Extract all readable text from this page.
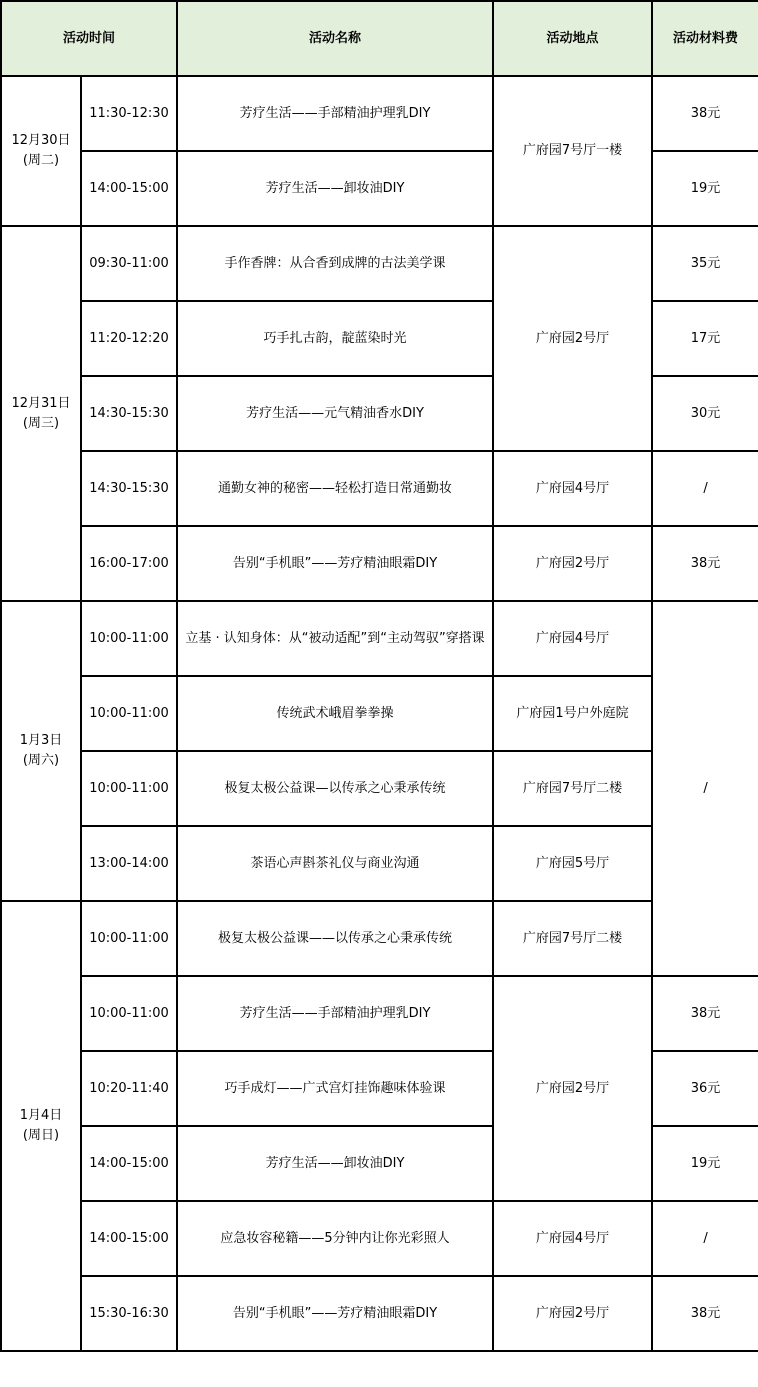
活动时间		活动名称	活动地点	活动材料费

12月30日
(周二)	11:30-12:30	芳疗生活——手部精油护理乳DIY	广府园7号厅一楼	38元
	14:00-15:00	芳疗生活——卸妆油DIY		19元

12月31日
(周三)	09:30-11:00	手作香牌：从合香到成牌的古法美学课	广府园2号厅	35元
	11:20-12:20	巧手扎古韵，靛蓝染时光		17元
	14:30-15:30	芳疗生活——元气精油香水DIY		30元
	14:30-15:30	通勤女神的秘密——轻松打造日常通勤妆	广府园4号厅	/
	16:00-17:00	告别“手机眼”——芳疗精油眼霜DIY	广府园2号厅	38元

1月3日
(周六)	10:00-11:00	立基 · 认知身体：从“被动适配”到“主动驾驭”穿搭课	广府园4号厅	/
	10:00-11:00	传统武术峨眉拳拳操	广府园1号户外庭院	
	10:00-11:00	极复太极公益课—以传承之心秉承传统	广府园7号厅二楼	
	13:00-14:00	茶语心声斟茶礼仪与商业沟通	广府园5号厅	

1月4日
(周日)	10:00-11:00	极复太极公益课——以传承之心秉承传统	广府园7号厅二楼	
	10:00-11:00	芳疗生活——手部精油护理乳DIY	广府园2号厅	38元
	10:20-11:40	巧手成灯——广式宫灯挂饰趣味体验课		36元
	14:00-15:00	芳疗生活——卸妆油DIY		19元
	14:00-15:00	应急妆容秘籍——5分钟内让你光彩照人	广府园4号厅	/
	15:30-16:30	告别“手机眼”——芳疗精油眼霜DIY	广府园2号厅	38元
